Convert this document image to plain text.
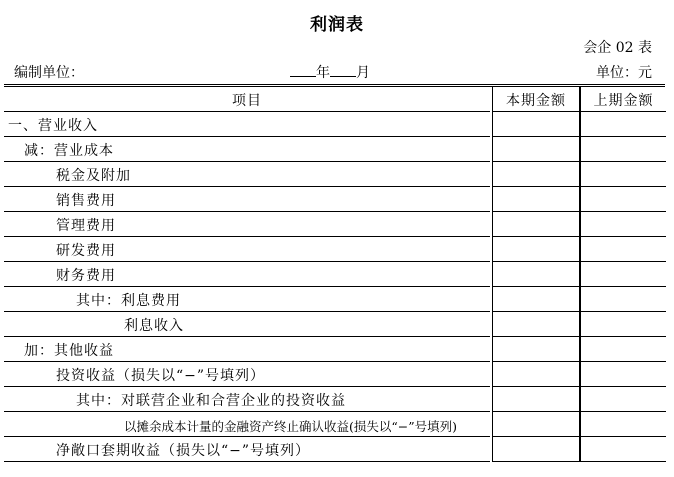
利润表
会企 02 表
编制单位：	年 月	单位：元
项目	本期金额	上期金额
一、营业收入
减：营业成本
税金及附加
销售费用
管理费用
研发费用
财务费用
其中：利息费用
利息收入
加：其他收益
投资收益（损失以“−”号填列）
其中：对联营企业和合营企业的投资收益
以摊余成本计量的金融资产终止确认收益(损失以“−”号填列)
净敞口套期收益（损失以“−”号填列）
